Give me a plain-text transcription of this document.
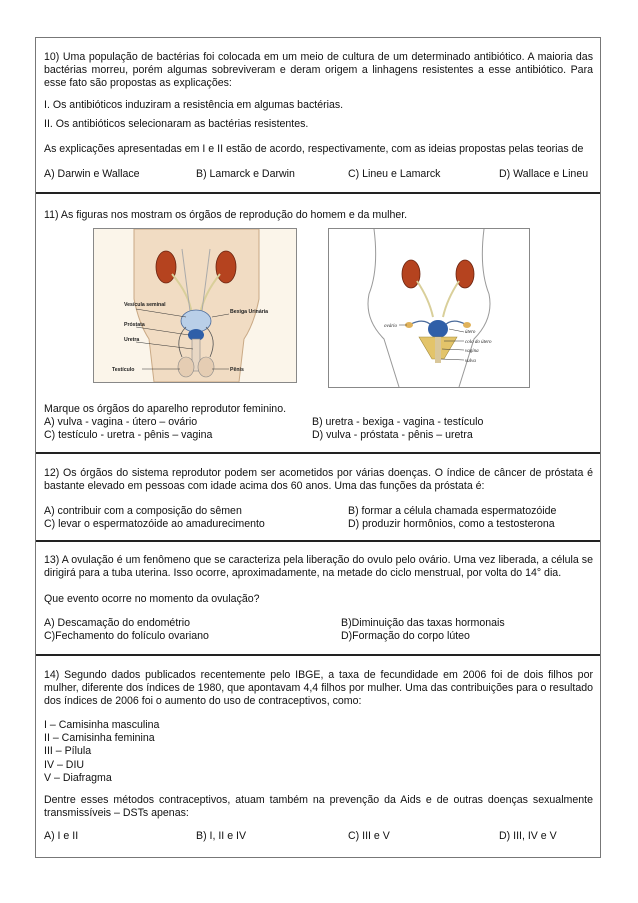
10) Uma população de bactérias foi colocada em um meio de cultura de um determinado antibiótico. A maioria das bactérias morreu, porém algumas sobreviveram e deram origem a linhagens resistentes a esse antibiótico. Para esse fato são propostas as explicações:

I. Os antibióticos induziram a resistência em algumas bactérias.

II. Os antibióticos selecionaram as bactérias resistentes.

As explicações apresentadas em I e II estão de acordo, respectivamente, com as ideias propostas pelas teorias de

A) Darwin e Wallace	B) Lamarck e Darwin	C) Lineu e Lamarck	D) Wallace e Lineu

11) As figuras nos mostram os órgãos de reprodução do homem e da mulher.

Vesícula seminal
Próstata
Uretra
Testículo
Bexiga Urinária
Pênis
ovário
útero
colo do útero
vagina
vulva

Marque os órgãos do aparelho reprodutor feminino.

A) vulva - vagina - útero – ovário	B) uretra - bexiga - vagina - testículo
C) testículo - uretra - pênis – vagina	D) vulva - próstata - pênis – uretra

12) Os órgãos do sistema reprodutor podem ser acometidos por várias doenças. O índice de câncer de próstata é bastante elevado em pessoas com idade acima dos 60 anos. Uma das funções da próstata é:

A) contribuir com a composição do sêmen	B) formar a célula chamada espermatozóide
C) levar o espermatozóide ao amadurecimento	D) produzir hormônios, como a testosterona

13) A ovulação é um fenômeno que se caracteriza pela liberação do ovulo pelo ovário. Uma vez liberada, a célula se dirigirá para a tuba uterina. Isso ocorre, aproximadamente, na metade do ciclo menstrual, por volta do 14° dia.

Que evento ocorre no momento da ovulação?

A) Descamação do endométrio	B)Diminuição das taxas hormonais
C)Fechamento do folículo ovariano	D)Formação do corpo lúteo

14) Segundo dados publicados recentemente pelo IBGE, a taxa de fecundidade em 2006 foi de dois filhos por mulher, diferente dos índices de 1980, que apontavam 4,4 filhos por mulher. Uma das contribuições para o resultado dos índices de 2006 foi o aumento do uso de contraceptivos, como:

I – Camisinha masculina

II – Camisinha feminina

III – Pílula

IV – DIU

V – Diafragma

Dentre esses métodos contraceptivos, atuam também na prevenção da Aids e de outras doenças sexualmente transmissíveis – DSTs apenas:

A) I e II	B) I, II e IV	C) III e V	D) III, IV e V
